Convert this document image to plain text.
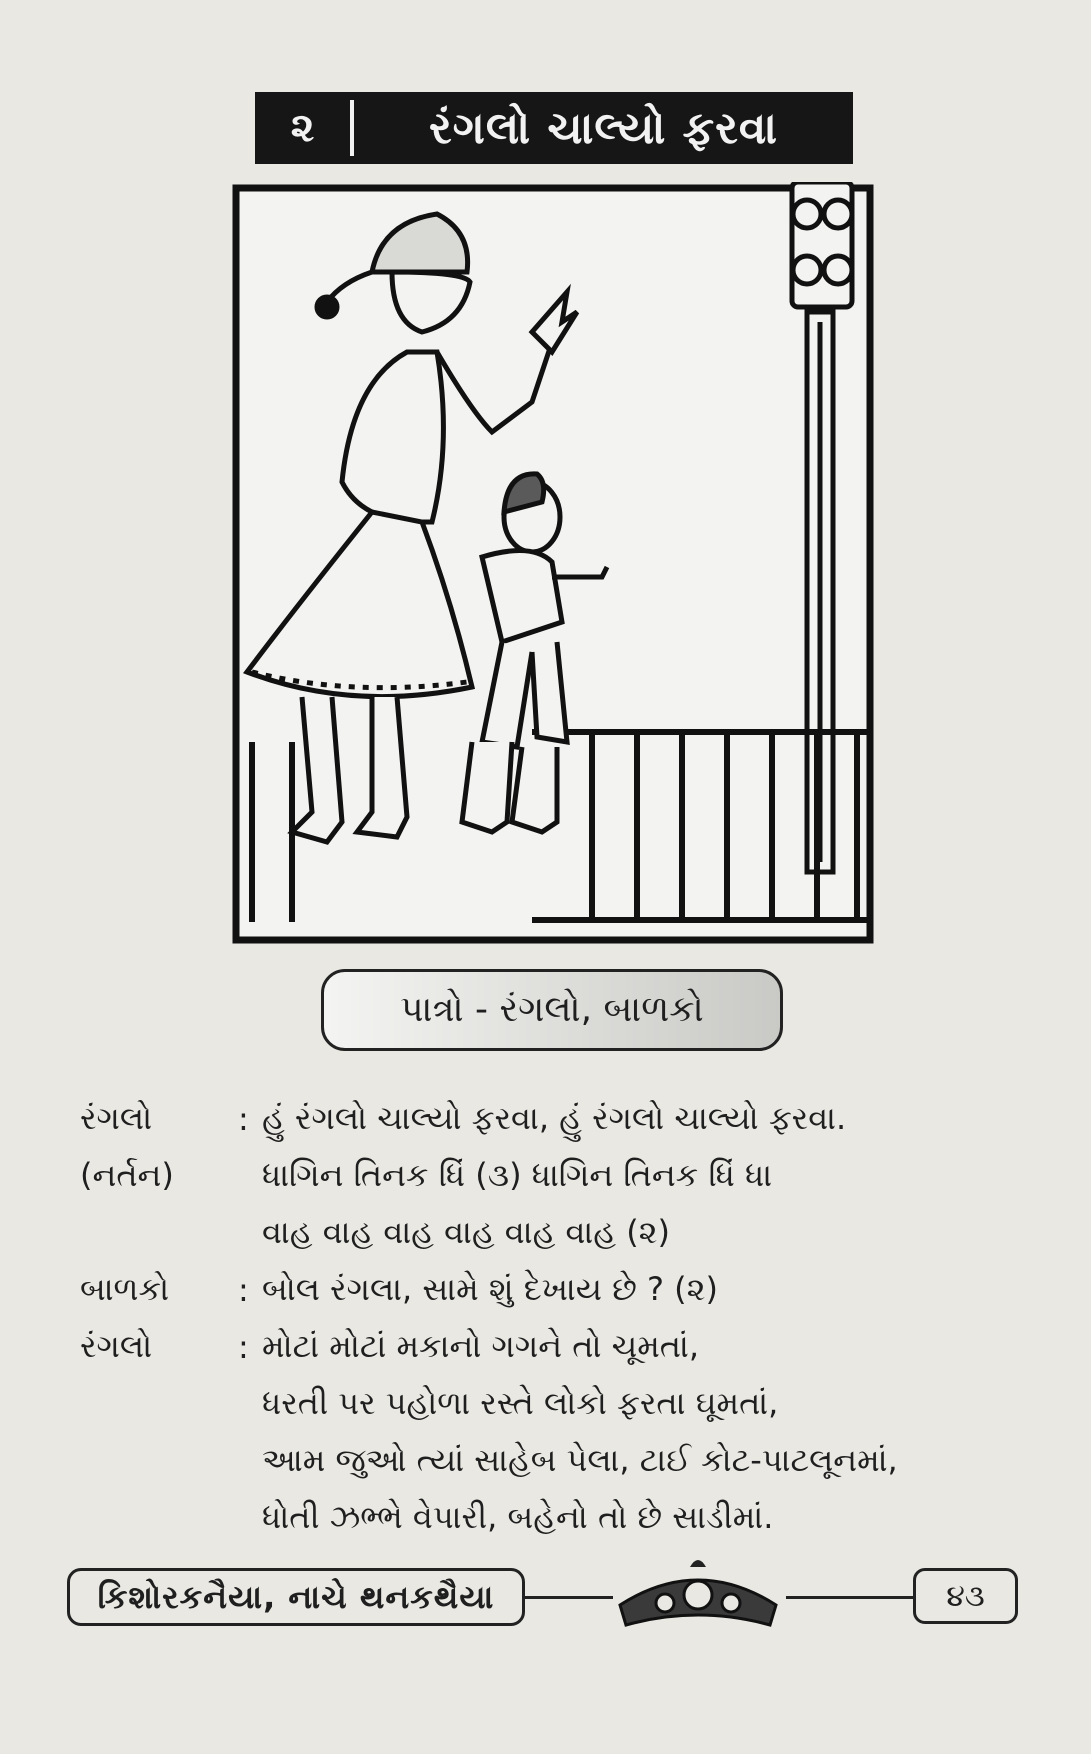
૨	રંગલો ચાલ્યો ફરવા
પાત્રો - રંગલો, બાળકો
રંગલો	: હું રંગલો ચાલ્યો ફરવા, હું રંગલો ચાલ્યો ફરવા.
(નર્તન)	ધાગિન તિનક ધિં (૩) ધાગિન તિનક ધિં ધા
વાહ વાહ વાહ વાહ વાહ વાહ (૨)
બાળકો	: બોલ રંગલા, સામે શું દેખાય છે ? (૨)
રંગલો	: મોટાં મોટાં મકાનો ગગને તો ચૂમતાં,
ધરતી પર પહોળા રસ્તે લોકો ફરતા ઘૂમતાં,
આમ જુઓ ત્યાં સાહેબ પેલા, ટાઈ કોટ-પાટલૂનમાં,
ધોતી ઝભ્ભે વેપારી, બહેનો તો છે સાડીમાં.
કિશોરકનૈયા, નાચે થનકથૈયા	૪૩
